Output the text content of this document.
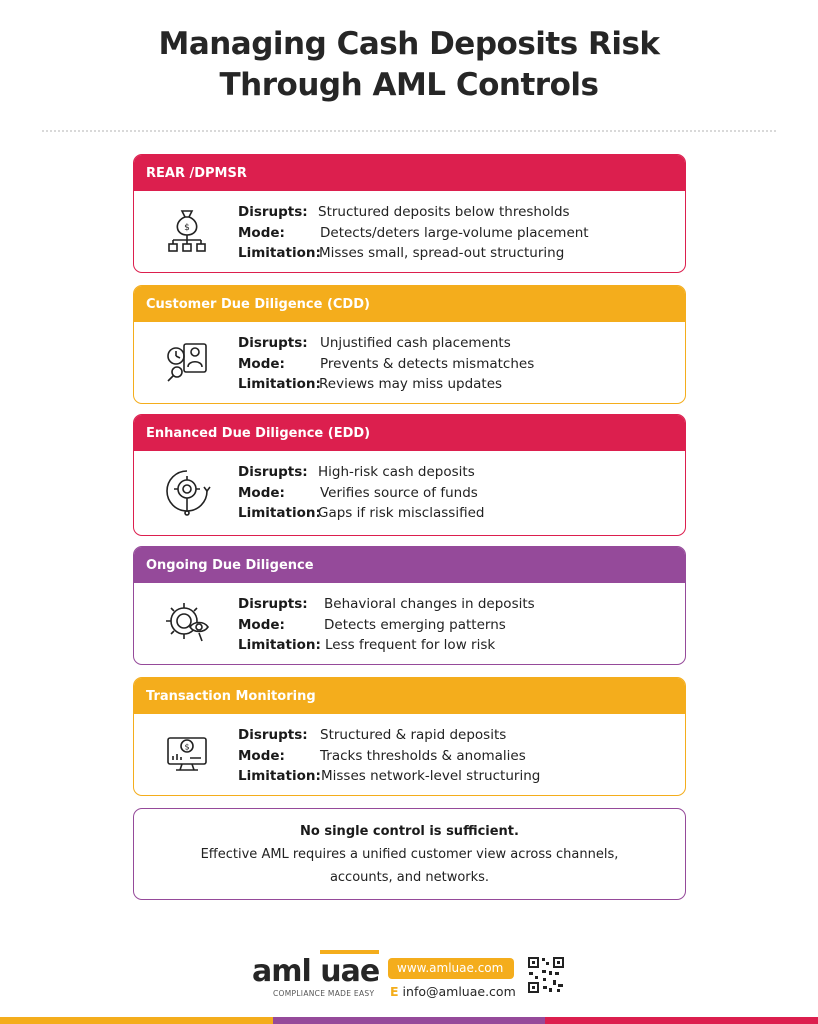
Managing Cash Deposits Risk
Through AML Controls
REAR /DPMSR
$
Disrupts: Structured deposits below thresholds
Mode:	Detects/deters large-volume placement
Limitation:
Misses small, spread-out structuring
Customer Due Diligence (CDD)
Disrupts: Unjustified cash placements
Mode:	Prevents & detects mismatches
Limitation:
Reviews may miss updates
Enhanced Due Diligence (EDD)
Disrupts: High-risk cash deposits
Mode:	Verifies source of funds
Limitation:
Gaps if risk misclassified
Ongoing Due Diligence
Disrupts:	Behavioral changes in deposits
Mode:	Detects emerging patterns
Limitation: Less frequent for low risk
Transaction Monitoring
$
Disrupts: Structured & rapid deposits
Mode:	Tracks thresholds & anomalies
Limitation: Misses network-level structuring
No single control is sufficient.
Effective AML requires a unified customer view across channels, accounts, and networks.
aml uae
COMPLIANCE MADE EASY
www.amluae.com
E info@amluae.com
